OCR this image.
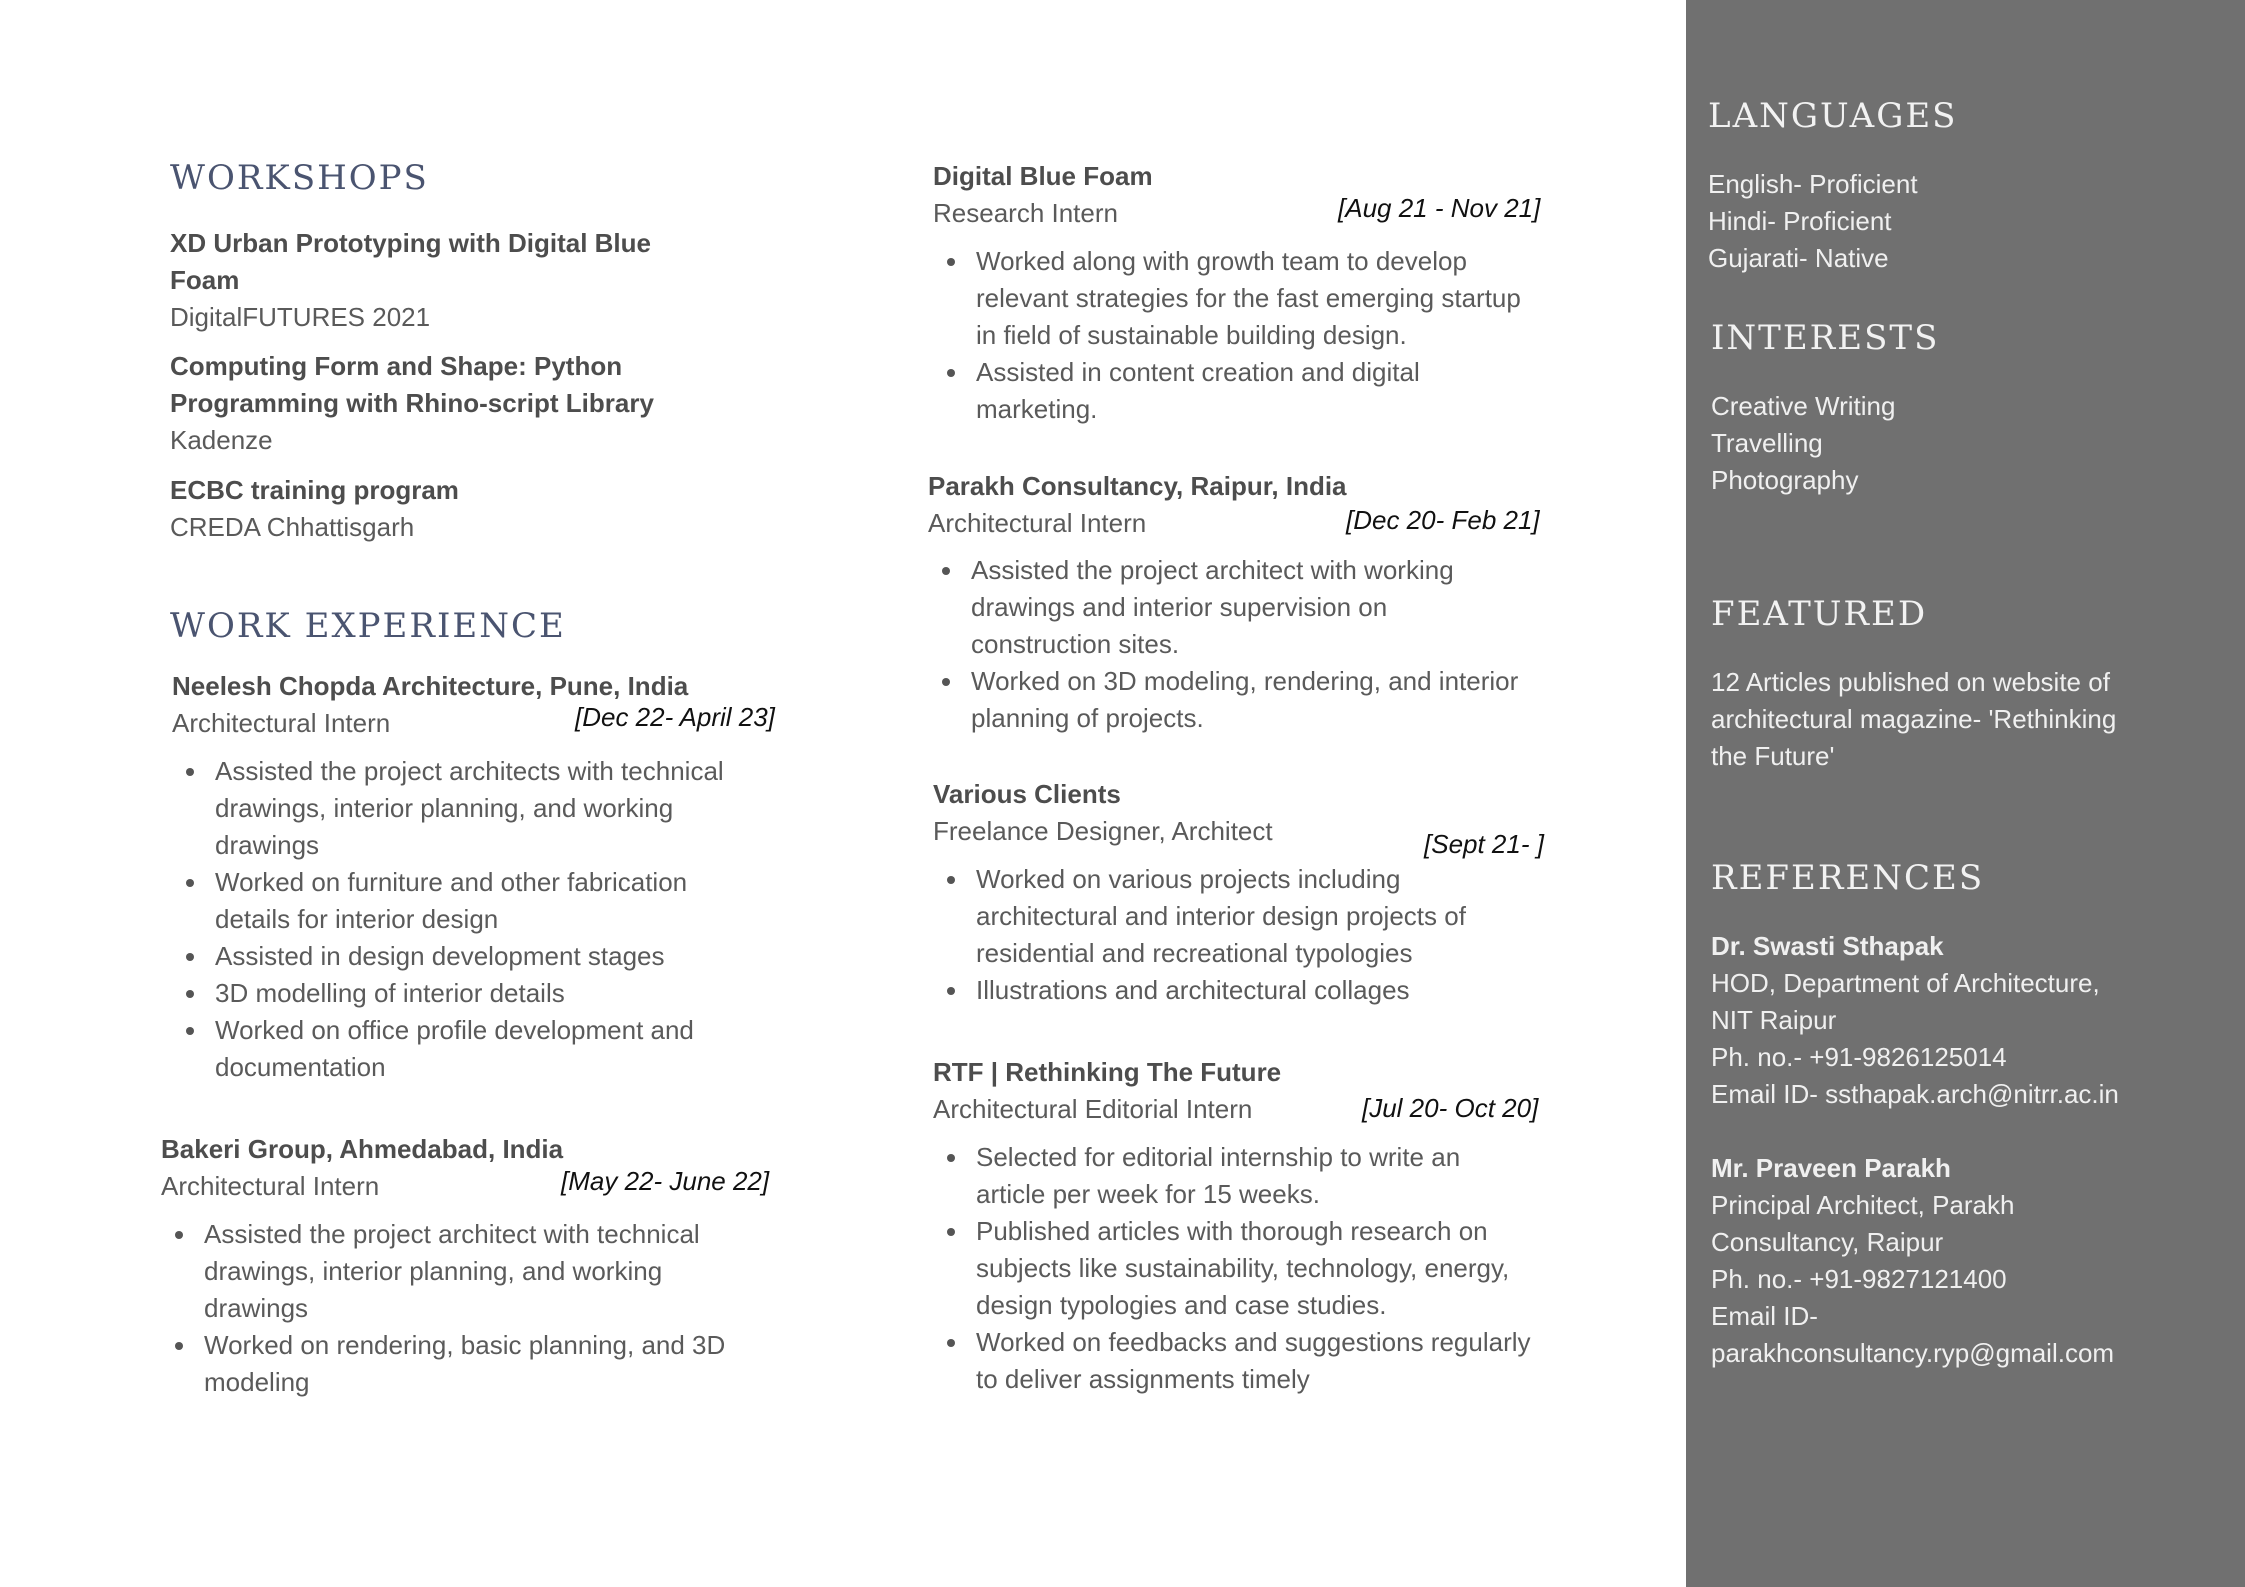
WORKSHOPS
XD Urban Prototyping with Digital Blue
Foam
DigitalFUTURES 2021
Computing Form and Shape: Python
Programming with Rhino-script Library
Kadenze
ECBC training program
CREDA Chhattisgarh
WORK EXPERIENCE
Neelesh Chopda Architecture, Pune, India
Architectural Intern	[Dec 22- April 23]
Assisted the project architects with technical
drawings, interior planning, and working
drawings
Worked on furniture and other fabrication
details for interior design
Assisted in design development stages
3D modelling of interior details
Worked on office profile development and
documentation
Bakeri Group, Ahmedabad, India
Architectural Intern	[May 22- June 22]
Assisted the project architect with technical
drawings, interior planning, and working
drawings
Worked on rendering, basic planning, and 3D
modeling
Digital Blue Foam
Research Intern	[Aug 21 - Nov 21]
Worked along with growth team to develop
relevant strategies for the fast emerging startup
in field of sustainable building design.
Assisted in content creation and digital
marketing.
Parakh Consultancy, Raipur, India
Architectural Intern	[Dec 20- Feb 21]
Assisted the project architect with working
drawings and interior supervision on
construction sites.
Worked on 3D modeling, rendering, and interior
planning of projects.
Various Clients
Freelance Designer, Architect	[Sept 21- ]
Worked on various projects including
architectural and interior design projects of
residential and recreational typologies
Illustrations and architectural collages
RTF | Rethinking The Future
Architectural Editorial Intern	[Jul 20- Oct 20]
Selected for editorial internship to write an
article per week for 15 weeks.
Published articles with thorough research on
subjects like sustainability, technology, energy,
design typologies and case studies.
Worked on feedbacks and suggestions regularly
to deliver assignments timely
LANGUAGES
English- Proficient
Hindi- Proficient
Gujarati- Native
INTERESTS
Creative Writing
Travelling
Photography
FEATURED
12 Articles published on website of
architectural magazine- 'Rethinking
the Future'
REFERENCES
Dr. Swasti Sthapak
HOD, Department of Architecture,
NIT Raipur
Ph. no.- +91-9826125014
Email ID- ssthapak.arch@nitrr.ac.in
Mr. Praveen Parakh
Principal Architect, Parakh
Consultancy, Raipur
Ph. no.- +91-9827121400
Email ID-
parakhconsultancy.ryp@gmail.com
